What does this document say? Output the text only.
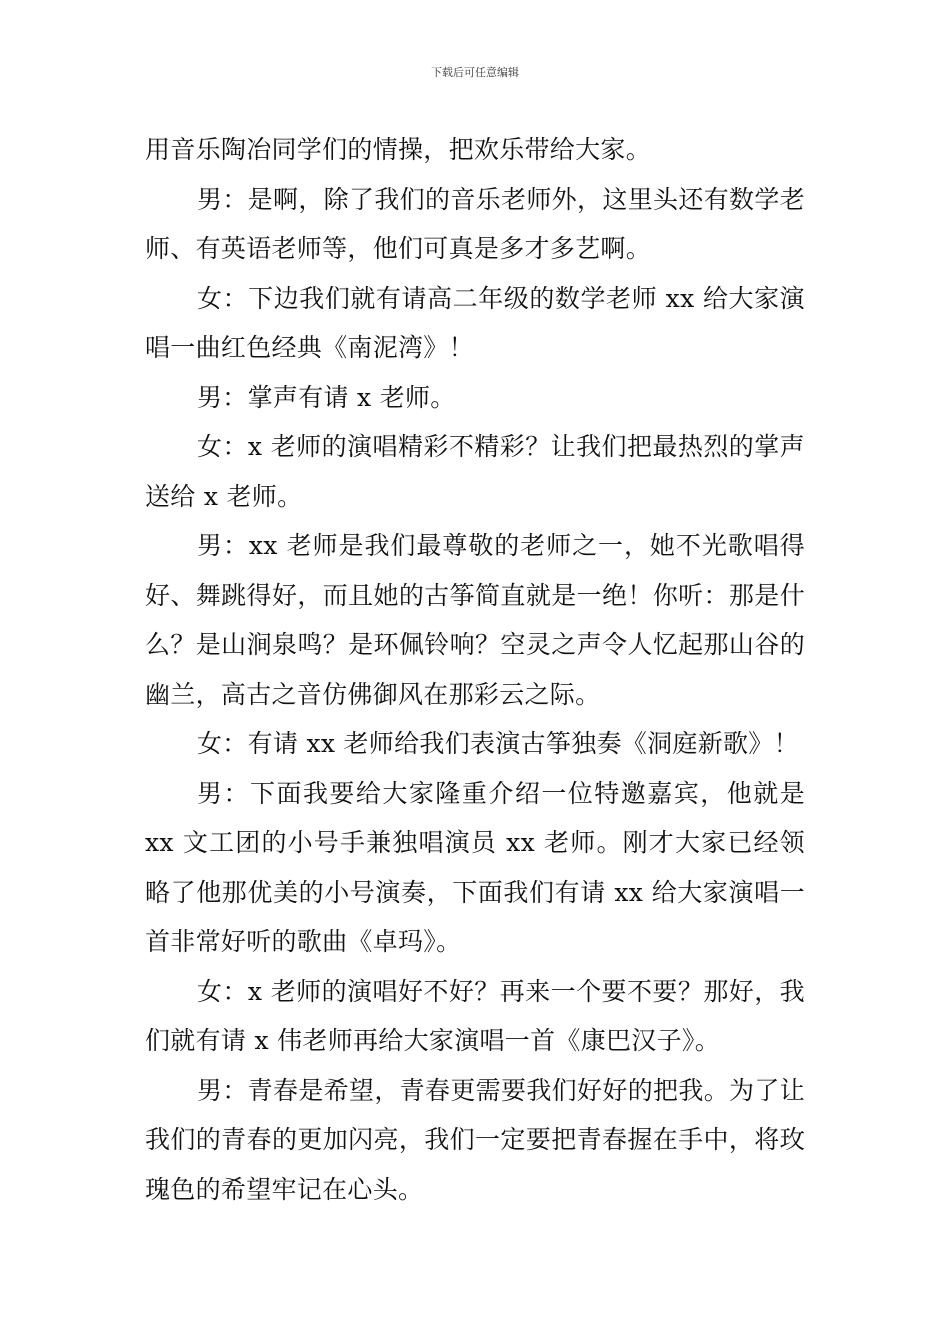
下载后可任意编辑

用音乐陶冶同学们的情操，把欢乐带给大家。

男：是啊，除了我们的音乐老师外，这里头还有数学老师、有英语老师等，他们可真是多才多艺啊。

女：下边我们就有请高二年级的数学老师 xx 给大家演唱一曲红色经典《南泥湾》！

男：掌声有请 x 老师。

女：x 老师的演唱精彩不精彩？让我们把最热烈的掌声送给 x 老师。

男：xx 老师是我们最尊敬的老师之一，她不光歌唱得好、舞跳得好，而且她的古筝简直就是一绝！你听：那是什么？是山涧泉鸣？是环佩铃响？空灵之声令人忆起那山谷的幽兰，高古之音仿佛御风在那彩云之际。

女：有请 xx 老师给我们表演古筝独奏《洞庭新歌》！

男：下面我要给大家隆重介绍一位特邀嘉宾，他就是 xx 文工团的小号手兼独唱演员 xx 老师。刚才大家已经领略了他那优美的小号演奏，下面我们有请 xx 给大家演唱一首非常好听的歌曲《卓玛》。

女：x 老师的演唱好不好？再来一个要不要？那好，我们就有请 x 伟老师再给大家演唱一首《康巴汉子》。

男：青春是希望，青春更需要我们好好的把我。为了让我们的青春的更加闪亮，我们一定要把青春握在手中，将玫瑰色的希望牢记在心头。
